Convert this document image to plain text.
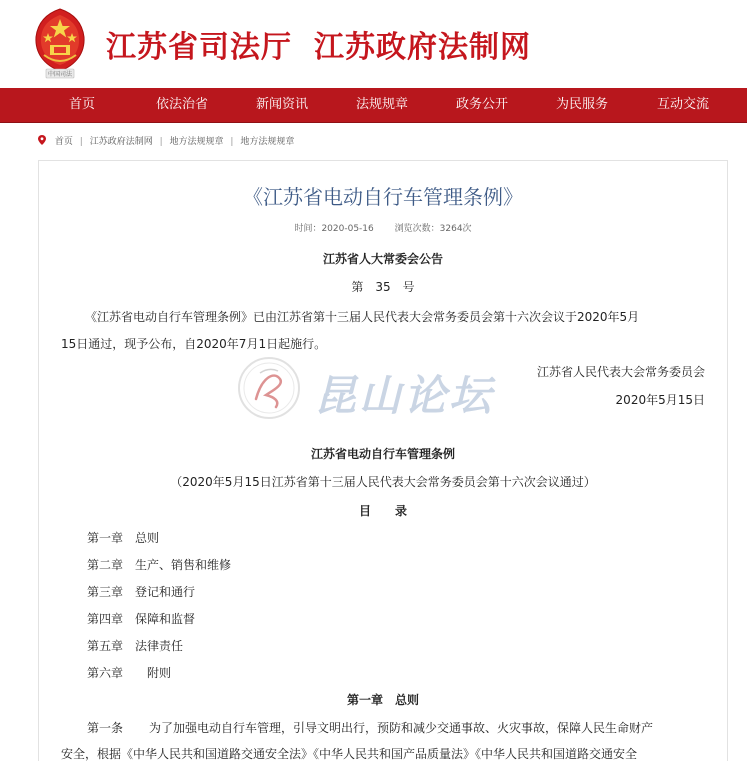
中国司法
江苏省司法厅 江苏政府法制网
首页	依法治省	新闻资讯	法规规章	政务公开	为民服务	互动交流
首页 | 江苏政府法制网 | 地方法规规章 | 地方法规规章
《江苏省电动自行车管理条例》
时间：2020-05-16 浏览次数：3264次
江苏省人大常委会公告
第　35　号
《江苏省电动自行车管理条例》已由江苏省第十三届人民代表大会常务委员会第十六次会议于2020年5月
15日通过，现予公布，自2020年7月1日起施行。
江苏省人民代表大会常务委员会
2020年5月15日
江苏省电动自行车管理条例
（2020年5月15日江苏省第十三届人民代表大会常务委员会第十六次会议通过）
目　　录
第一章　 总则
第二章　 生产、销售和维修
第三章　 登记和通行
第四章　 保障和监督
第五章　 法律责任
第六章　　附则
第一章　总则
第一条 为了加强电动自行车管理，引导文明出行，预防和减少交通事故、火灾事故，保障人民生命财产
安全，根据《中华人民共和国道路交通安全法》《中华人民共和国产品质量法》《中华人民共和国道路交通安全
昆山论坛
